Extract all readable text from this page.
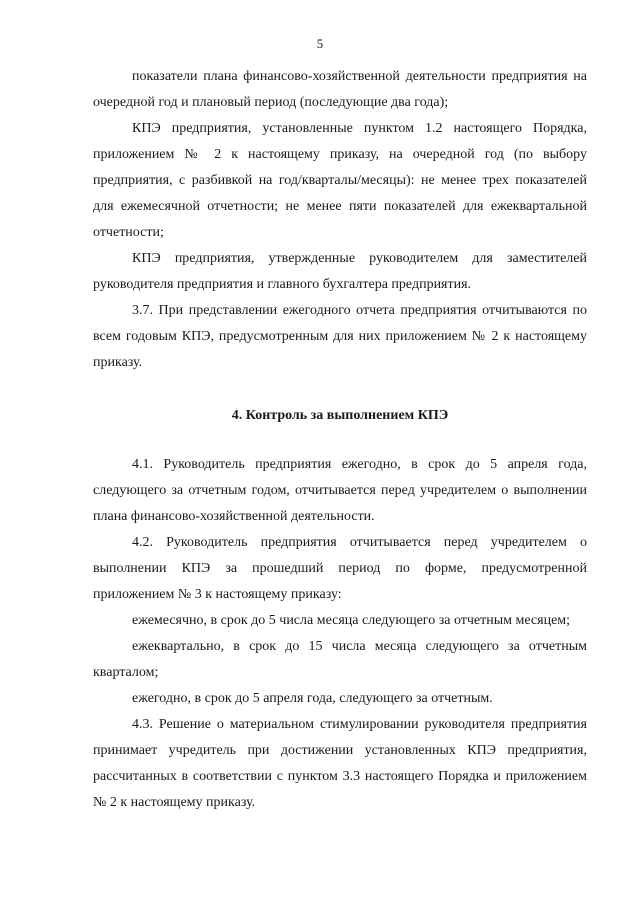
5

показатели плана финансово-хозяйственной деятельности предприятия на очередной год и плановый период (последующие два года);

КПЭ предприятия, установленные пунктом 1.2 настоящего Порядка, приложением № 2 к настоящему приказу, на очередной год (по выбору предприятия, с разбивкой на год/кварталы/месяцы): не менее трех показателей для ежемесячной отчетности; не менее пяти показателей для ежеквартальной отчетности;

КПЭ предприятия, утвержденные руководителем для заместителей руководителя предприятия и главного бухгалтера предприятия.

3.7. При представлении ежегодного отчета предприятия отчитываются по всем годовым КПЭ, предусмотренным для них приложением № 2 к настоящему приказу.

4. Контроль за выполнением КПЭ

4.1. Руководитель предприятия ежегодно, в срок до 5 апреля года, следующего за отчетным годом, отчитывается перед учредителем о выполнении плана финансово-хозяйственной деятельности.

4.2. Руководитель предприятия отчитывается перед учредителем о выполнении КПЭ за прошедший период по форме, предусмотренной приложением № 3 к настоящему приказу:

ежемесячно, в срок до 5 числа месяца следующего за отчетным месяцем;

ежеквартально, в срок до 15 числа месяца следующего за отчетным кварталом;

ежегодно, в срок до 5 апреля года, следующего за отчетным.

4.3. Решение о материальном стимулировании руководителя предприятия принимает учредитель при достижении установленных КПЭ предприятия, рассчитанных в соответствии с пунктом 3.3 настоящего Порядка и приложением № 2 к настоящему приказу.
